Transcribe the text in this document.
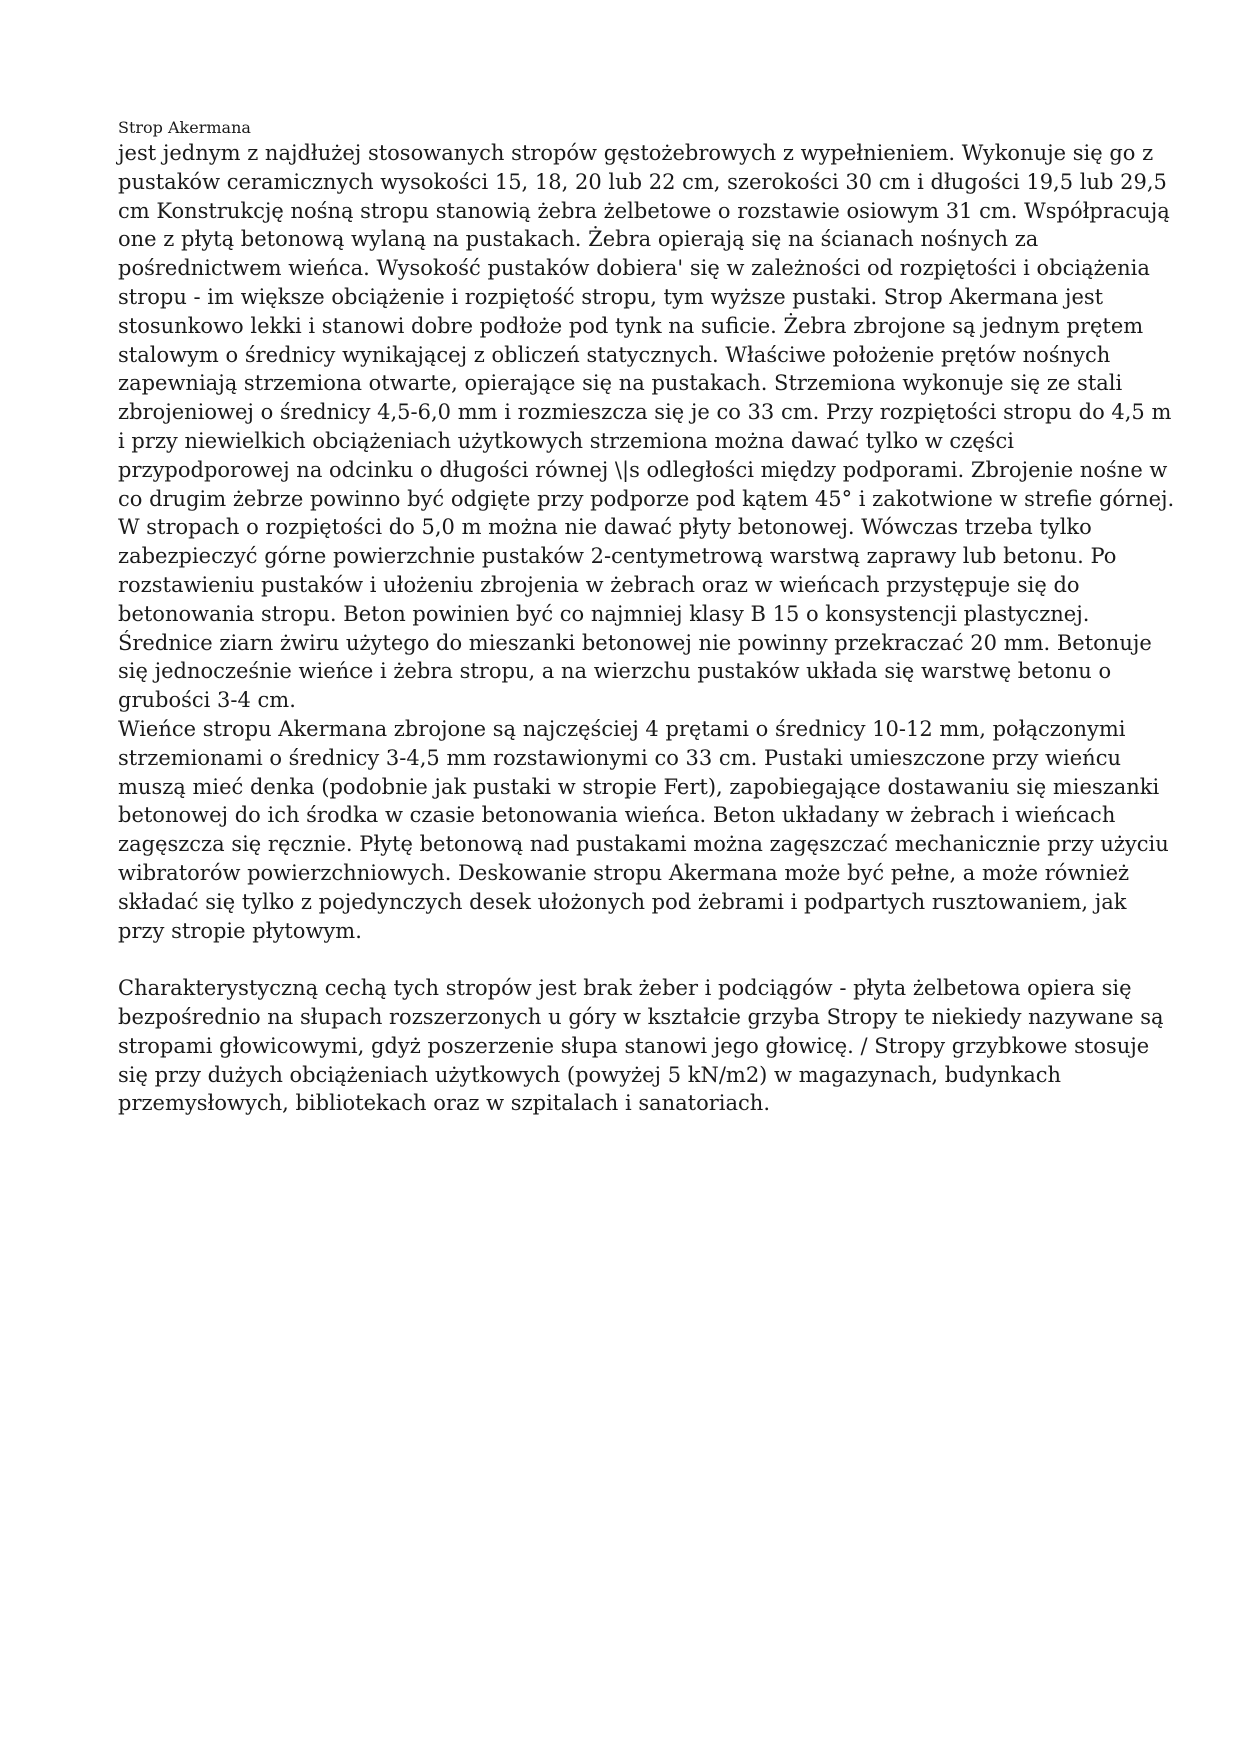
Strop Akermana
jest jednym z najdłużej stosowanych stropów gęstożebrowych z wypełnieniem. Wykonuje się go z
pustaków ceramicznych wysokości 15, 18, 20 lub 22 cm, szerokości 30 cm i długości 19,5 lub 29,5
cm Konstrukcję nośną stropu stanowią żebra żelbetowe o rozstawie osiowym 31 cm. Współpracują
one z płytą betonową wylaną na pustakach. Żebra opierają się na ścianach nośnych za
pośrednictwem wieńca. Wysokość pustaków dobiera' się w zależności od rozpiętości i obciążenia
stropu - im większe obciążenie i rozpiętość stropu, tym wyższe pustaki. Strop Akermana jest
stosunkowo lekki i stanowi dobre podłoże pod tynk na suficie. Żebra zbrojone są jednym prętem
stalowym o średnicy wynikającej z obliczeń statycznych. Właściwe położenie prętów nośnych
zapewniają strzemiona otwarte, opierające się na pustakach. Strzemiona wykonuje się ze stali
zbrojeniowej o średnicy 4,5-6,0 mm i rozmieszcza się je co 33 cm. Przy rozpiętości stropu do 4,5 m
i przy niewielkich obciążeniach użytkowych strzemiona można dawać tylko w części
przypodporowej na odcinku o długości równej \|s odległości między podporami. Zbrojenie nośne w
co drugim żebrze powinno być odgięte przy podporze pod kątem 45° i zakotwione w strefie górnej.
W stropach o rozpiętości do 5,0 m można nie dawać płyty betonowej. Wówczas trzeba tylko
zabezpieczyć górne powierzchnie pustaków 2-centymetrową warstwą zaprawy lub betonu. Po
rozstawieniu pustaków i ułożeniu zbrojenia w żebrach oraz w wieńcach przystępuje się do
betonowania stropu. Beton powinien być co najmniej klasy B 15 o konsystencji plastycznej.
Średnice ziarn żwiru użytego do mieszanki betonowej nie powinny przekraczać 20 mm. Betonuje
się jednocześnie wieńce i żebra stropu, a na wierzchu pustaków układa się warstwę betonu o
grubości 3-4 cm.
Wieńce stropu Akermana zbrojone są najczęściej 4 prętami o średnicy 10-12 mm, połączonymi
strzemionami o średnicy 3-4,5 mm rozstawionymi co 33 cm. Pustaki umieszczone przy wieńcu
muszą mieć denka (podobnie jak pustaki w stropie Fert), zapobiegające dostawaniu się mieszanki
betonowej do ich środka w czasie betonowania wieńca. Beton układany w żebrach i wieńcach
zagęszcza się ręcznie. Płytę betonową nad pustakami można zagęszczać mechanicznie przy użyciu
wibratorów powierzchniowych. Deskowanie stropu Akermana może być pełne, a może również
składać się tylko z pojedynczych desek ułożonych pod żebrami i podpartych rusztowaniem, jak
przy stropie płytowym.
Charakterystyczną cechą tych stropów jest brak żeber i podciągów - płyta żelbetowa opiera się
bezpośrednio na słupach rozszerzonych u góry w kształcie grzyba Stropy te niekiedy nazywane są
stropami głowicowymi, gdyż poszerzenie słupa stanowi jego głowicę. / Stropy grzybkowe stosuje
się przy dużych obciążeniach użytkowych (powyżej 5 kN/m2) w magazynach, budynkach
przemysłowych, bibliotekach oraz w szpitalach i sanatoriach.
